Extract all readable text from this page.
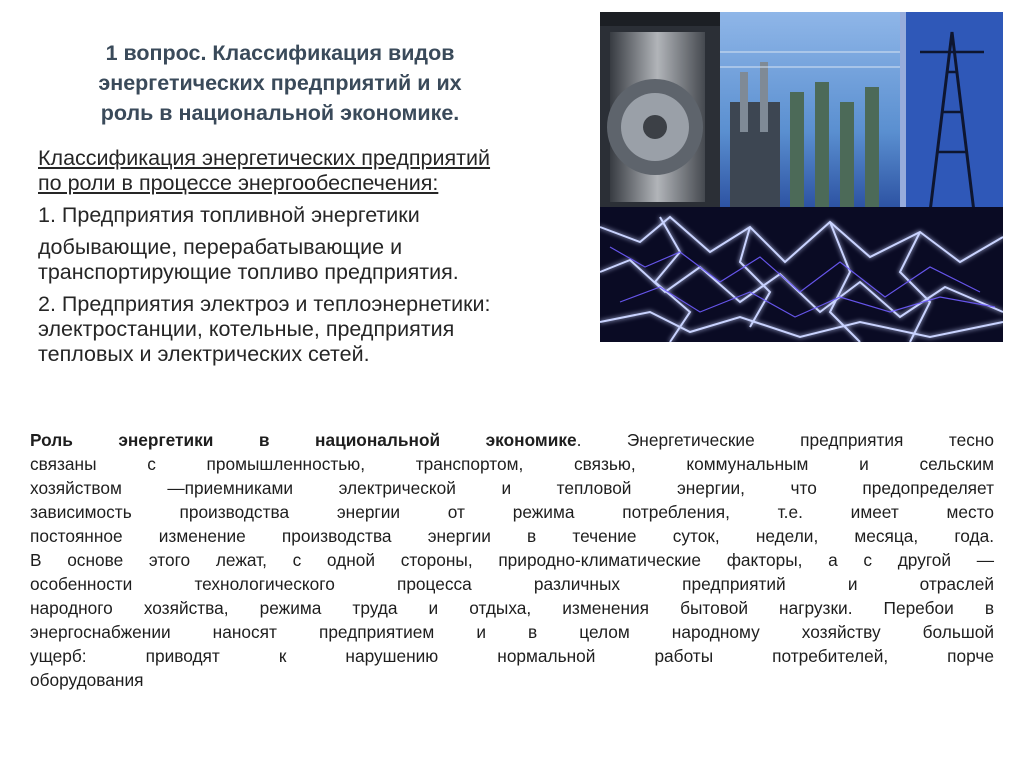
1 вопрос. Классификация видов
энергетических предприятий и их
роль в национальной экономике.
Классификация энергетических предприятий
по роли в процессе энергообеспечения:
1. Предприятия топливной энергетики
добывающие, перерабатывающие и
транспортирующие топливо предприятия.
2. Предприятия электроэ и теплоэнернетики:
электростанции, котельные, предприятия
тепловых и электрических сетей.
Роль энергетики в национальной экономике. Энергетические предприятия тесно
связаны с промышленностью, транспортом, связью, коммунальным и сельским
хозяйством —приемниками электрической и тепловой энергии, что предопределяет
зависимость производства энергии от режима потребления, т.е. имеет место
постоянное изменение производства энергии в течение суток, недели, месяца, года.
В основе этого лежат, с одной стороны, природно-климатические факторы, а с другой —
особенности технологического процесса различных предприятий и отраслей
народного хозяйства, режима труда и отдыха, изменения бытовой нагрузки. Перебои в
энергоснабжении наносят предприятием и в целом народному хозяйству большой
ущерб: приводят к нарушению нормальной работы потребителей, порче
оборудования
